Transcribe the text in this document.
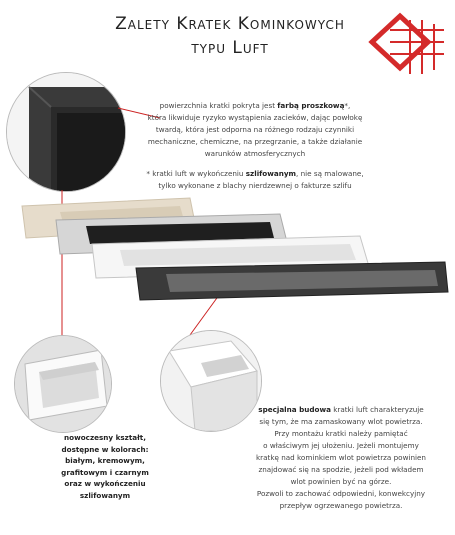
Zalety Kratek Kominkowych
typu Luft
powierzchnia kratki pokryta jest farbą proszkową*,
która likwiduje ryzyko wystąpienia zacieków, dając powłokę
twardą, która jest odporna na różnego rodzaju czynniki
mechaniczne, chemiczne, na przegrzanie, a także działanie
warunków atmosferycznych
* kratki luft w wykończeniu szlifowanym, nie są malowane,
tylko wykonane z blachy nierdzewnej o fakturze szlifu
nowoczesny kształt,
dostępne w kolorach:
białym, kremowym,
grafitowym i czarnym
oraz w wykończeniu
szlifowanym
specjalna budowa kratki luft charakteryzuje
się tym, że ma zamaskowany wlot powietrza.
Przy montażu kratki należy pamiętać
o właściwym jej ułożeniu. Jeżeli montujemy
kratkę nad kominkiem wlot powietrza powinien
znajdować się na spodzie, jeżeli pod wkładem
wlot powinien być na górze.
Pozwoli to zachować odpowiedni, konwekcyjny
przepływ ogrzewanego powietrza.
